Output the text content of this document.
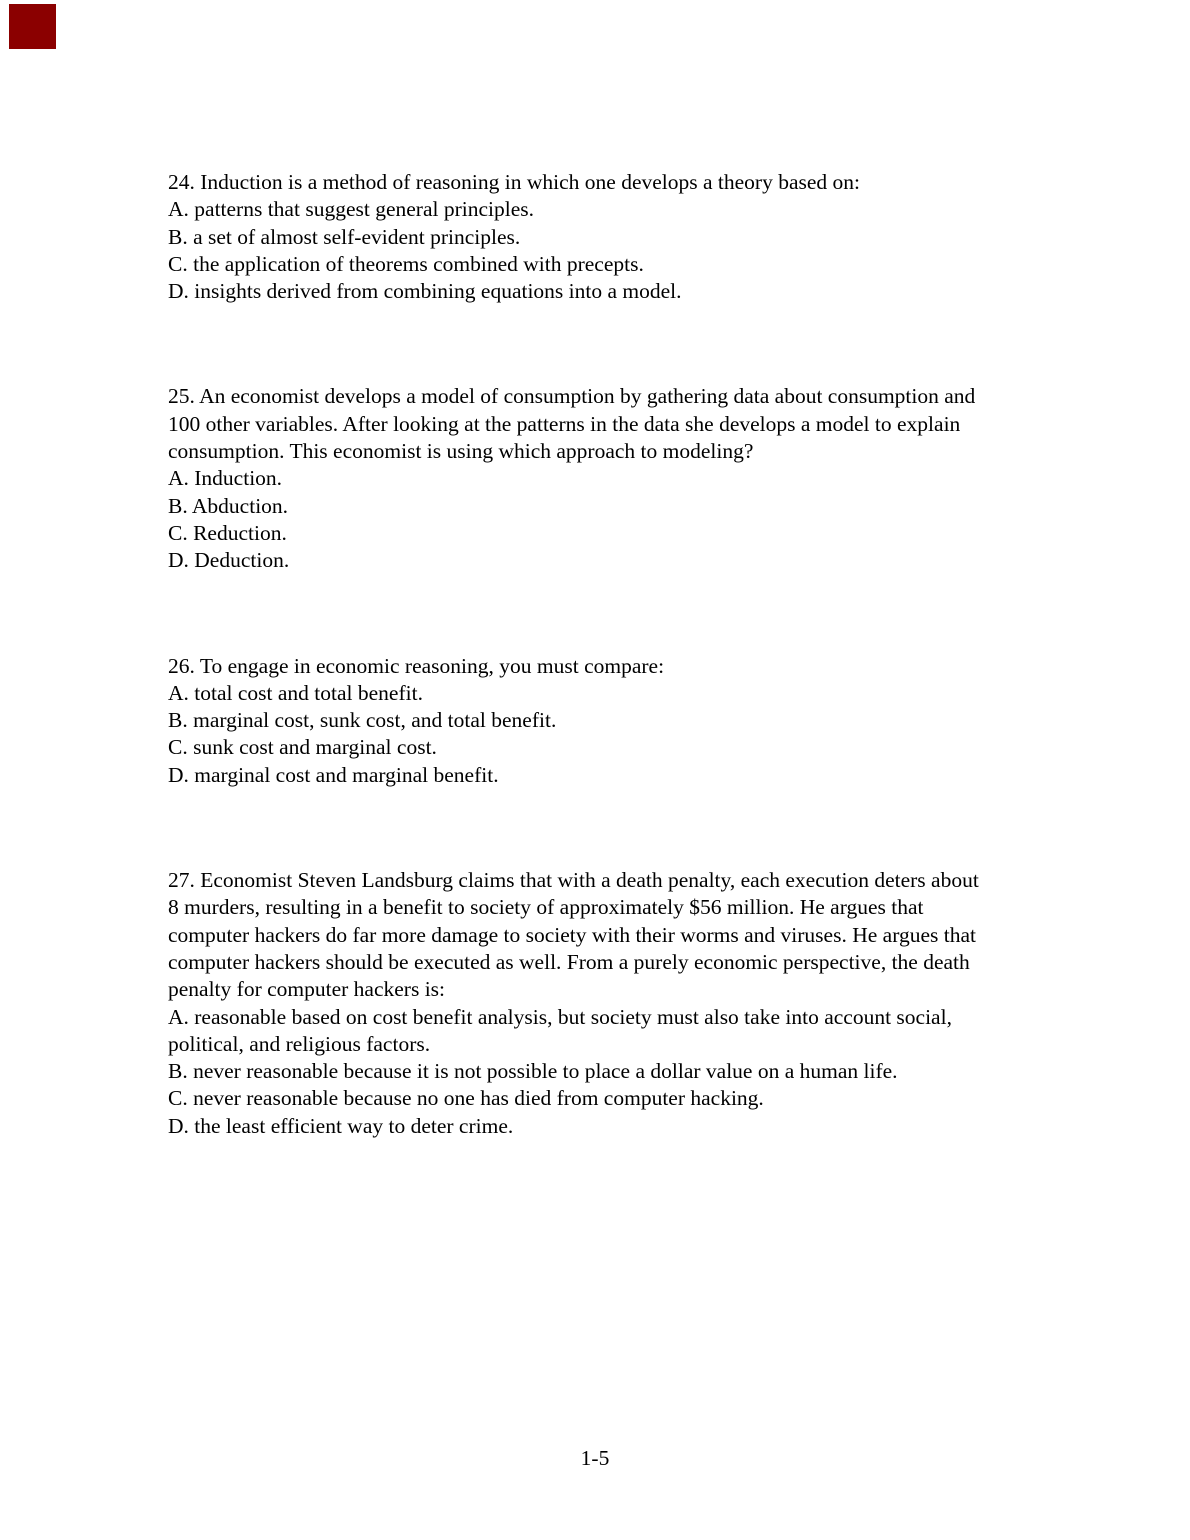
24. Induction is a method of reasoning in which one develops a theory based on:
A. patterns that suggest general principles.
B. a set of almost self-evident principles.
C. the application of theorems combined with precepts.
D. insights derived from combining equations into a model.
25. An economist develops a model of consumption by gathering data about consumption and
100 other variables. After looking at the patterns in the data she develops a model to explain
consumption. This economist is using which approach to modeling?
A. Induction.
B. Abduction.
C. Reduction.
D. Deduction.
26. To engage in economic reasoning, you must compare:
A. total cost and total benefit.
B. marginal cost, sunk cost, and total benefit.
C. sunk cost and marginal cost.
D. marginal cost and marginal benefit.
27. Economist Steven Landsburg claims that with a death penalty, each execution deters about
8 murders, resulting in a benefit to society of approximately $56 million. He argues that
computer hackers do far more damage to society with their worms and viruses. He argues that
computer hackers should be executed as well. From a purely economic perspective, the death
penalty for computer hackers is:
A. reasonable based on cost benefit analysis, but society must also take into account social,
political, and religious factors.
B. never reasonable because it is not possible to place a dollar value on a human life.
C. never reasonable because no one has died from computer hacking.
D. the least efficient way to deter crime.
1-5
